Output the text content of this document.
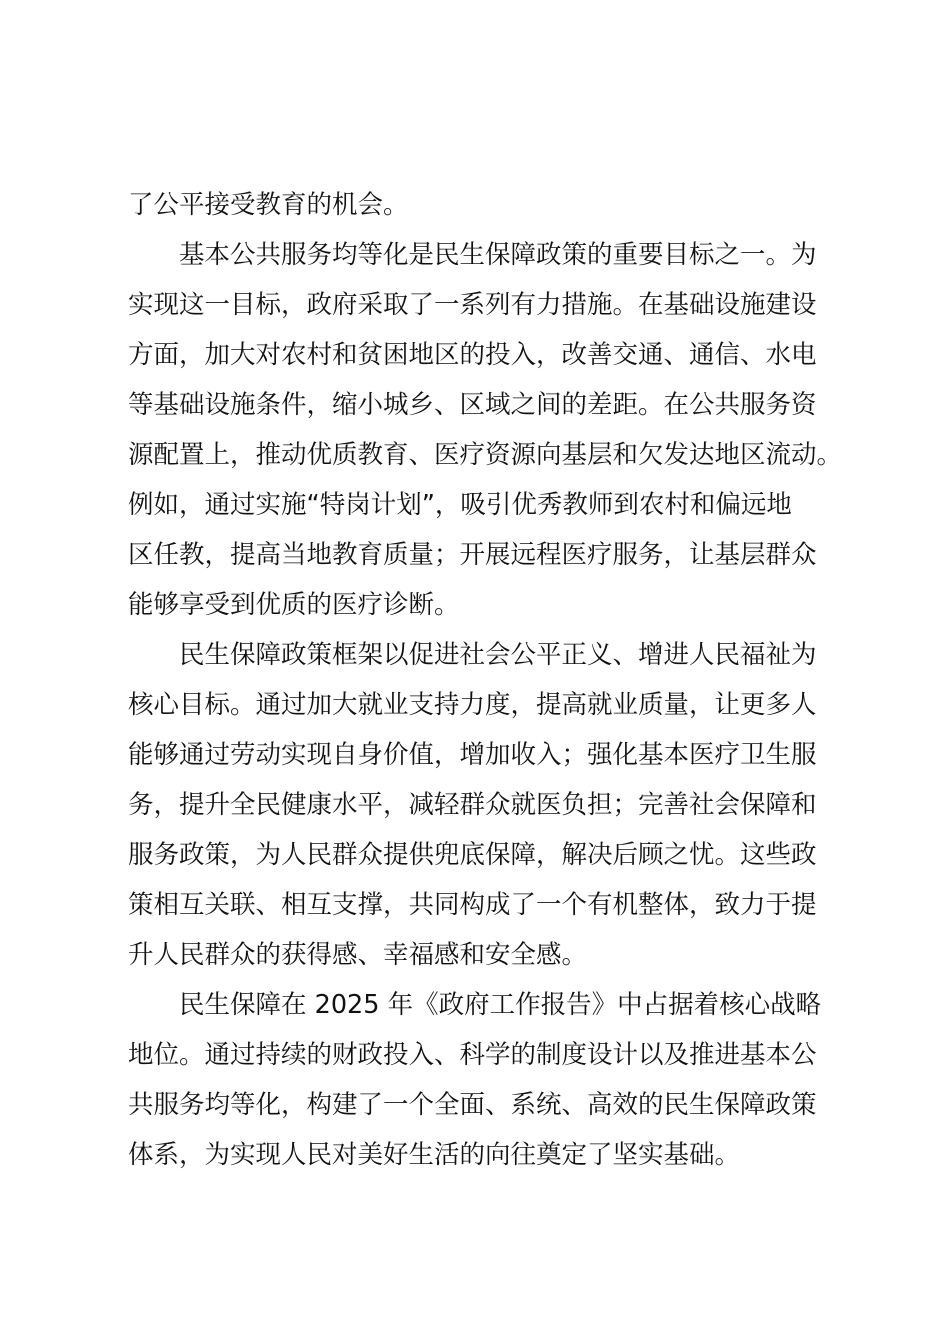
了公平接受教育的机会。
　　基本公共服务均等化是民生保障政策的重要目标之一。为
实现这一目标，政府采取了一系列有力措施。在基础设施建设
方面，加大对农村和贫困地区的投入，改善交通、通信、水电
等基础设施条件，缩小城乡、区域之间的差距。在公共服务资
源配置上，推动优质教育、医疗资源向基层和欠发达地区流动。
例如，通过实施“特岗计划”，吸引优秀教师到农村和偏远地
区任教，提高当地教育质量；开展远程医疗服务，让基层群众
能够享受到优质的医疗诊断。
　　民生保障政策框架以促进社会公平正义、增进人民福祉为
核心目标。通过加大就业支持力度，提高就业质量，让更多人
能够通过劳动实现自身价值，增加收入；强化基本医疗卫生服
务，提升全民健康水平，减轻群众就医负担；完善社会保障和
服务政策，为人民群众提供兜底保障，解决后顾之忧。这些政
策相互关联、相互支撑，共同构成了一个有机整体，致力于提
升人民群众的获得感、幸福感和安全感。
　　民生保障在 2025 年《政府工作报告》中占据着核心战略
地位。通过持续的财政投入、科学的制度设计以及推进基本公
共服务均等化，构建了一个全面、系统、高效的民生保障政策
体系，为实现人民对美好生活的向往奠定了坚实基础。
